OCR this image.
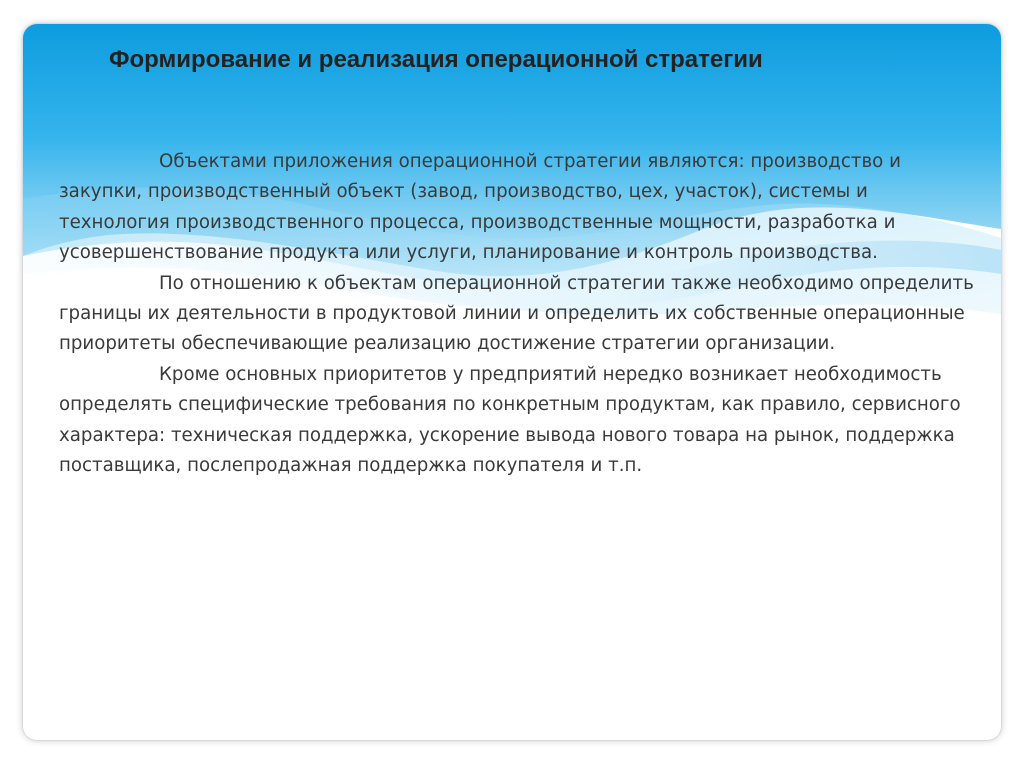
Формирование и реализация операционной стратегии

Объектами приложения операционной стратегии являются: производство и закупки, производственный объект (завод, производство, цех, участок), системы и технология производственного процесса, производственные мощности, разработка и усовершенствование продукта или услуги, планирование и контроль производства.

По отношению к объектам операционной стратегии также необходимо определить границы их деятельности в продуктовой линии и определить их собственные операционные приоритеты обеспечивающие реализацию достижение стратегии организации.

Кроме основных приоритетов у предприятий нередко возникает необходимость определять специфические требования по конкретным продуктам, как правило, сервисного характера: техническая поддержка, ускорение вывода нового товара на рынок, поддержка поставщика, послепродажная поддержка покупателя и т.п.
